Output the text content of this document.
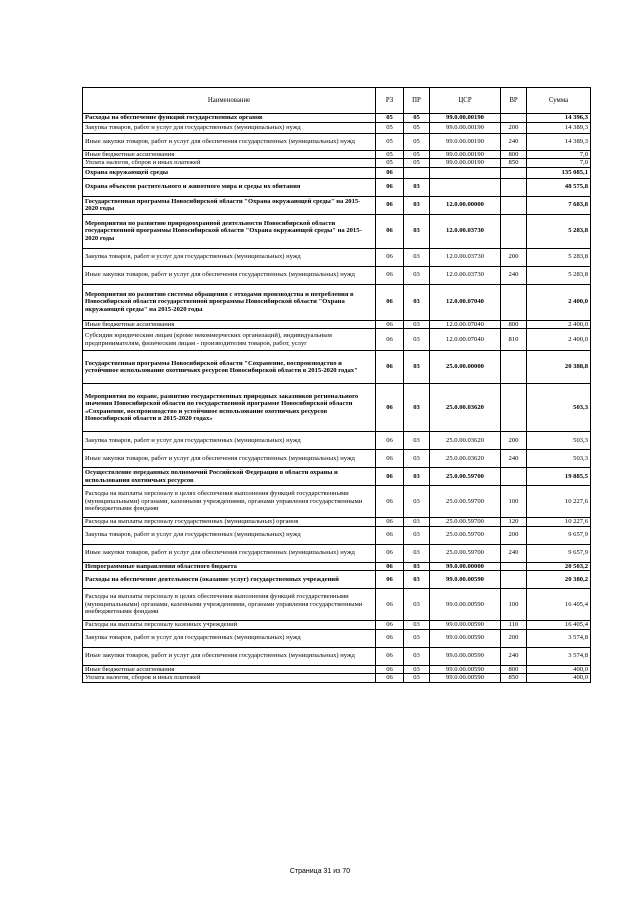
Наименование	РЗ	ПР	ЦСР	ВР	Сумма
Расходы на обеспечение функций государственных органов	05	05	99.0.00.00190		14 396,3
Закупка товаров, работ и услуг для государственных (муниципальных) нужд	05	05	99.0.00.00190	200	14 389,3
Иные закупки товаров, работ и услуг для обеспечения государственных (муниципальных) нужд	05	05	99.0.00.00190	240	14 389,3
Иные бюджетные ассигнования	05	05	99.0.00.00190	800	7,0
Уплата налогов, сборов и иных платежей	05	05	99.0.00.00190	850	7,0
Охрана окружающей среды	06				135 085,1
Охрана объектов растительного и животного мира и среды их обитания	06	03			48 575,8
Государственная программа Новосибирской области "Охрана окружающей среды" на 2015-2020 годы	06	03	12.0.00.00000		7 683,8
Мероприятия по развитию природоохранной деятельности Новосибирской области государственной программы Новосибирской области "Охрана окружающей среды" на 2015-2020 годы	06	03	12.0.00.03730		5 283,8
Закупка товаров, работ и услуг для государственных (муниципальных) нужд	06	03	12.0.00.03730	200	5 283,8
Иные закупки товаров, работ и услуг для обеспечения государственных (муниципальных) нужд	06	03	12.0.00.03730	240	5 283,8
Мероприятия по развитию системы обращения с отходами производства и потребления в Новосибирской области государственной программы Новосибирской области "Охрана окружающей среды" на 2015-2020 годы	06	03	12.0.00.07040		2 400,0
Иные бюджетные ассигнования	06	03	12.0.00.07040	800	2 400,0
Субсидии юридическим лицам (кроме некоммерческих организаций), индивидуальным предпринимателям, физическим лицам - производителям товаров, работ, услуг	06	03	12.0.00.07040	810	2 400,0
Государственная программа Новосибирской области "Сохранение, воспроизводство и устойчивое использование охотничьих ресурсов Новосибирской области в 2015-2020 годах"	06	03	25.0.00.00000		20 388,8
Мероприятия по охране, развитию государственных природных заказников регионального значения Новосибирской области по государственной программе Новосибирской области «Сохранение, воспроизводство и устойчивое использование охотничьих ресурсов Новосибирской области в 2015-2020 годах»	06	03	25.0.00.03620		503,3
Закупка товаров, работ и услуг для государственных (муниципальных) нужд	06	03	25.0.00.03620	200	503,3
Иные закупки товаров, работ и услуг для обеспечения государственных (муниципальных) нужд	06	03	25.0.00.03620	240	503,3
Осуществление переданных полномочий Российской Федерации в области охраны и использования охотничьих ресурсов	06	03	25.0.00.59700		19 885,5
Расходы на выплаты персоналу в целях обеспечения выполнения функций государственными (муниципальными) органами, казенными учреждениями, органами управления государственными внебюджетными фондами	06	03	25.0.00.59700	100	10 227,6
Расходы на выплаты персоналу государственных (муниципальных) органов	06	03	25.0.00.59700	120	10 227,6
Закупка товаров, работ и услуг для государственных (муниципальных) нужд	06	03	25.0.00.59700	200	9 657,9
Иные закупки товаров, работ и услуг для обеспечения государственных (муниципальных) нужд	06	03	25.0.00.59700	240	9 657,9
Непрограммные направления областного бюджета	06	03	99.0.00.00000		20 503,2
Расходы на обеспечение деятельности (оказание услуг) государственных учреждений	06	03	99.0.00.00590		20 380,2
Расходы на выплаты персоналу в целях обеспечения выполнения функций государственными (муниципальными) органами, казенными учреждениями, органами управления государственными внебюджетными фондами	06	03	99.0.00.00590	100	16 405,4
Расходы на выплаты персоналу казенных учреждений	06	03	99.0.00.00590	110	16 405,4
Закупка товаров, работ и услуг для государственных (муниципальных) нужд	06	03	99.0.00.00590	200	3 574,8
Иные закупки товаров, работ и услуг для обеспечения государственных (муниципальных) нужд	06	03	99.0.00.00590	240	3 574,8
Иные бюджетные ассигнования	06	03	99.0.00.00590	800	400,0
Уплата налогов, сборов и иных платежей	06	03	99.0.00.00590	850	400,0
Страница 31 из 70
